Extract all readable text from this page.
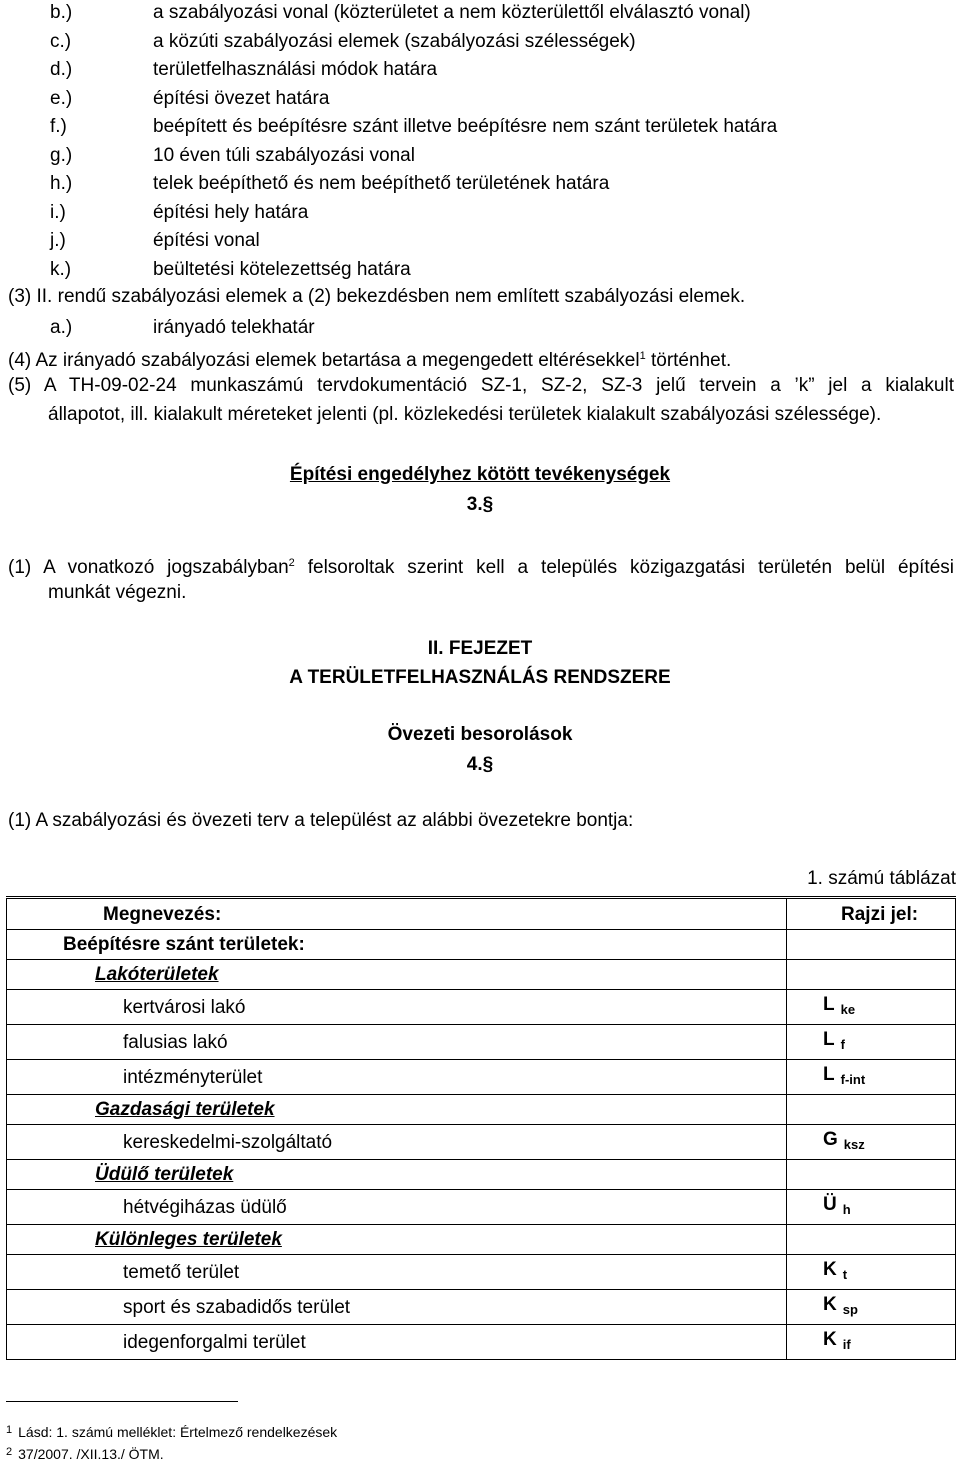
b.)	a szabályozási vonal (közterületet a nem közterülettől elválasztó vonal)
c.)	a közúti szabályozási elemek (szabályozási szélességek)
d.)	területfelhasználási módok határa
e.)	építési övezet határa
f.)	beépített és beépítésre szánt illetve beépítésre nem szánt területek határa
g.)	10 éven túli szabályozási vonal
h.)	telek beépíthető és nem beépíthető területének határa
i.)	építési hely határa
j.)	építési vonal
k.)	beültetési kötelezettség határa
(3) II. rendű szabályozási elemek a (2) bekezdésben nem említett szabályozási elemek.
a.)	irányadó telekhatár
(4) Az irányadó szabályozási elemek betartása a megengedett eltérésekkel$^1$ történhet.
(5) A TH-09-02-24 munkaszámú tervdokumentáció SZ-1, SZ-2, SZ-3 jelű tervein a ’k” jel a kialakult
állapotot, ill. kialakult méreteket jelenti (pl. közlekedési területek kialakult szabályozási szélessége).
Építési engedélyhez kötött tevékenységek
3.§
(1) A vonatkozó jogszabályban$^2$ felsoroltak szerint kell a település közigazgatási területén belül építési
munkát végezni.
II. FEJEZET
A TERÜLETFELHASZNÁLÁS RENDSZERE
Övezeti besorolások
4.§
(1) A szabályozási és övezeti terv a települést az alábbi övezetekre bontja:
1. számú táblázat
Megnevezés:	Rajzi jel:
Beépítésre szánt területek:	
Lakóterületek	
kertvárosi lakó	L $_{ke}$
falusias lakó	L $_f$
intézményterület	L $_{f-int}$
Gazdasági területek	
kereskedelmi-szolgáltató	G $_{ksz}$
Üdülő területek	
hétvégiházas üdülő	Ü $_h$
Különleges területek	
temető terület	K $_t$
sport és szabadidős terület	K $_{sp}$
idegenforgalmi terület	K $_{if}$
$^1$ Lásd: 1. számú melléklet: Értelmező rendelkezések
$^2$ 37/2007. /XII.13./ ÖTM.
